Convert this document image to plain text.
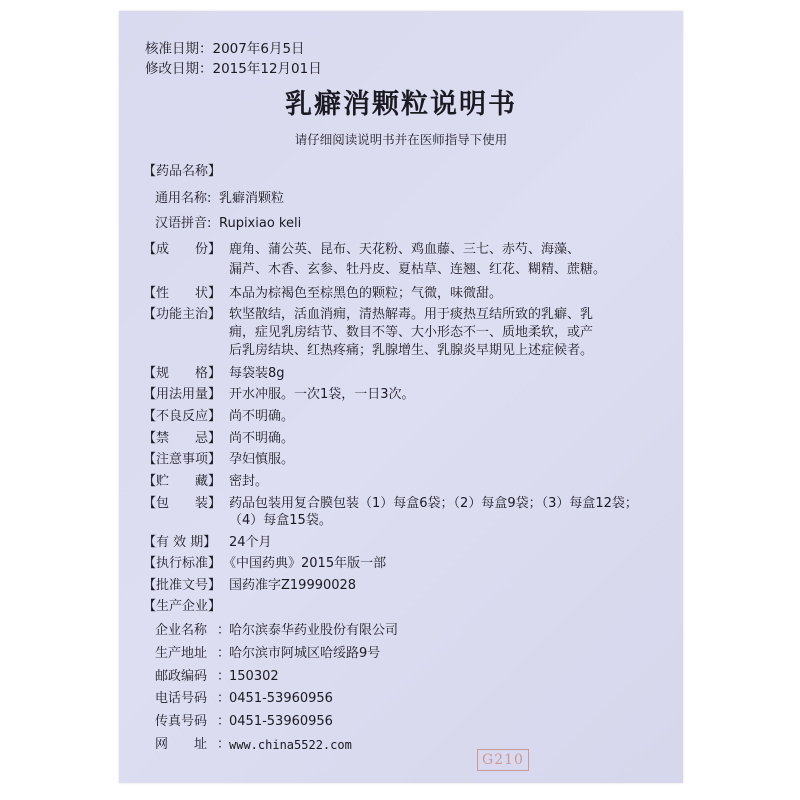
核准日期：2007年6月5日
修改日期：2015年12月01日
乳癖消颗粒说明书
请仔细阅读说明书并在医师指导下使用
【药品名称】
通用名称: 乳癖消颗粒
汉语拼音: Rupixiao keli
【成　　份】 鹿角、蒲公英、昆布、天花粉、鸡血藤、三七、赤芍、海藻、
漏芦、木香、玄参、牡丹皮、夏枯草、连翘、红花、糊精、蔗糖。
【性　　状】 本品为棕褐色至棕黑色的颗粒；气微，味微甜。
【功能主治】 软坚散结，活血消痈，清热解毒。用于痰热互结所致的乳癖、乳
痈，症见乳房结节、数目不等、大小形态不一、质地柔软，或产
后乳房结块、红热疼痛；乳腺增生、乳腺炎早期见上述症候者。
【规　　格】 每袋装8g
【用法用量】 开水冲服。一次1袋，一日3次。
【不良反应】 尚不明确。
【禁　　忌】 尚不明确。
【注意事项】 孕妇慎服。
【贮　　藏】 密封。
【包　　装】 药品包装用复合膜包装（1）每盒6袋；（2）每盒9袋；（3）每盒12袋；
（4）每盒15袋。
【有 效 期】 24个月
【执行标准】 《中国药典》2015年版一部
【批准文号】 国药准字Z19990028
【生产企业】
企业名称 ：
哈尔滨泰华药业股份有限公司
生产地址 ：
哈尔滨市阿城区哈绥路9号
邮政编码 ：
150302
电话号码 ：
0451-53960956
传真号码 ：
0451-53960956
网　　址 ：
www.china5522.com
G210
